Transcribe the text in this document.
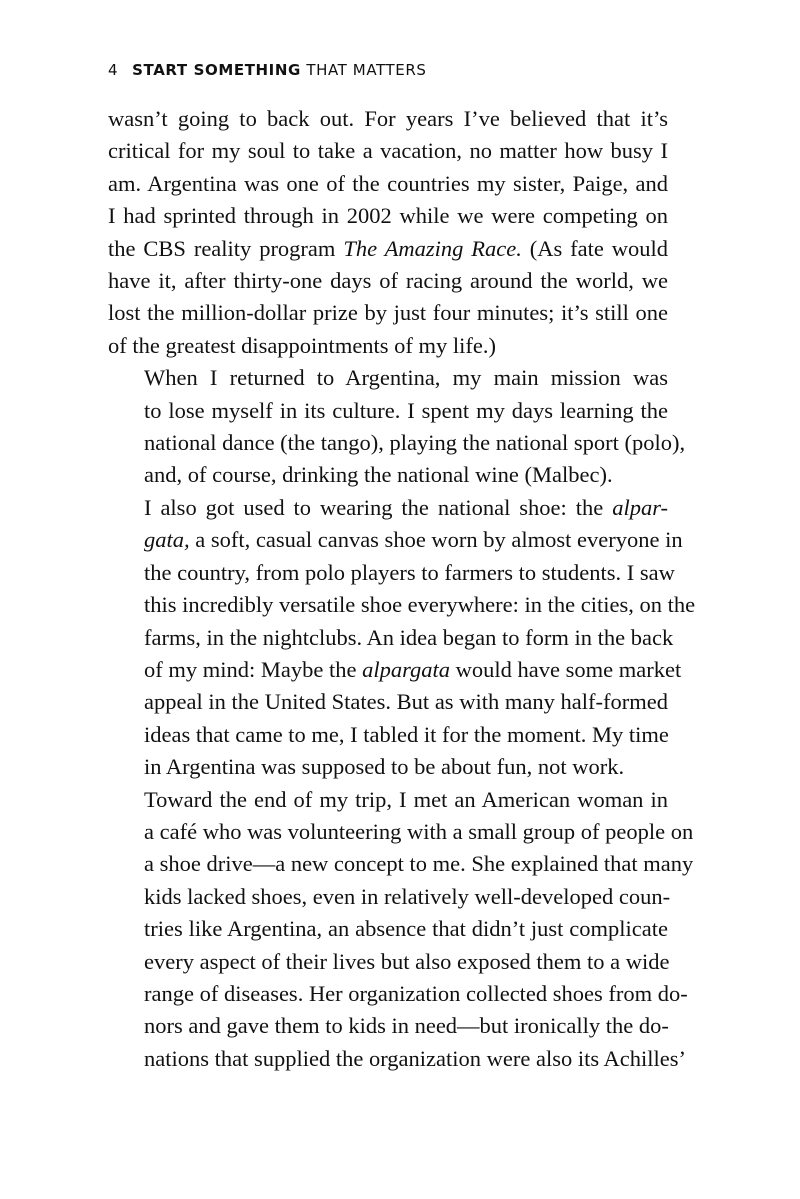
4 START SOMETHING THAT MATTERS

wasn’t going to back out. For years I’ve believed that it’s
critical for my soul to take a vacation, no matter how busy I
am. Argentina was one of the countries my sister, Paige, and
I had sprinted through in 2002 while we were competing on
the CBS reality program The Amazing Race. (As fate would
have it, after thirty-one days of racing around the world, we
lost the million-dollar prize by just four minutes; it’s still one
of the greatest disappointments of my life.)

When I returned to Argentina, my main mission was
to lose myself in its culture. I spent my days learning the
national dance (the tango), playing the national sport (polo),
and, of course, drinking the national wine (Malbec).

I also got used to wearing the national shoe: the alpar-
gata, a soft, casual canvas shoe worn by almost everyone in
the country, from polo players to farmers to students. I saw
this incredibly versatile shoe everywhere: in the cities, on the
farms, in the nightclubs. An idea began to form in the back
of my mind: Maybe the alpargata would have some market
appeal in the United States. But as with many half-formed
ideas that came to me, I tabled it for the moment. My time
in Argentina was supposed to be about fun, not work.

Toward the end of my trip, I met an American woman in
a café who was volunteering with a small group of people on
a shoe drive—a new concept to me. She explained that many
kids lacked shoes, even in relatively well-developed coun-
tries like Argentina, an absence that didn’t just complicate
every aspect of their lives but also exposed them to a wide
range of diseases. Her organization collected shoes from do-
nors and gave them to kids in need—but ironically the do-
nations that supplied the organization were also its Achilles’
